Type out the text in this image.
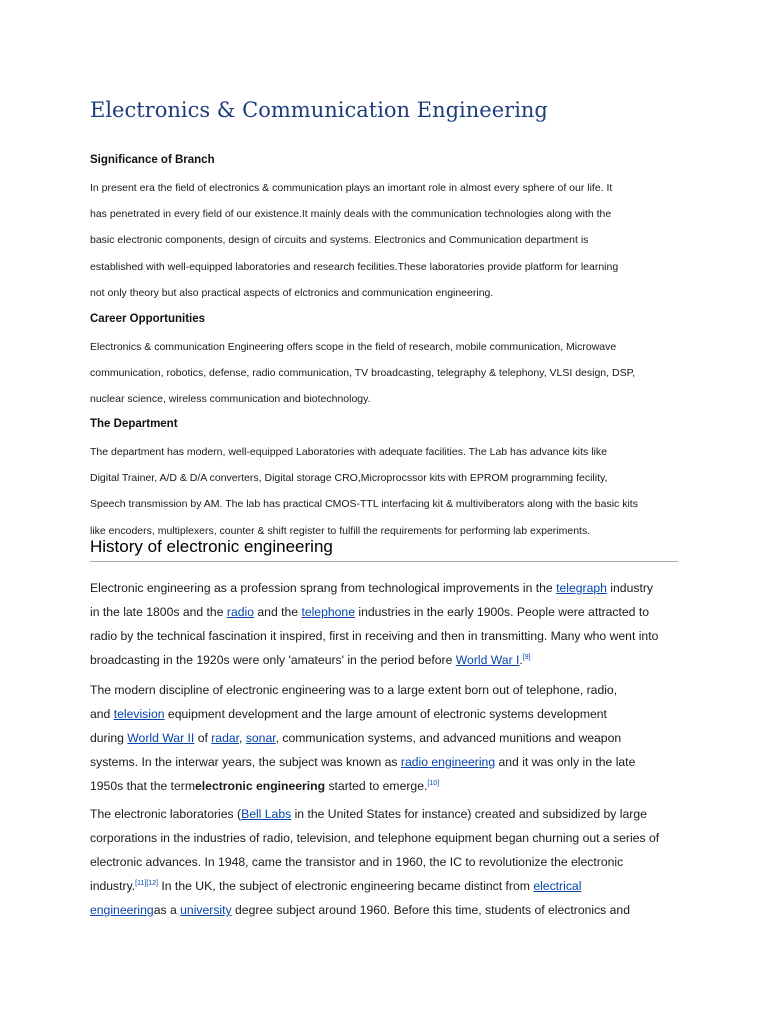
Electronics & Communication Engineering
Significance of Branch
In present era the field of electronics & communication plays an imortant role in almost every sphere of our life. It
has penetrated in every field of our existence.It mainly deals with the communication technologies along with the
basic electronic components, design of circuits and systems. Electronics and Communication department is
established with well-equipped laboratories and research fecilities.These laboratories provide platform for learning
not only theory but also practical aspects of elctronics and communication engineering.
Career Opportunities
Electronics & communication Engineering offers scope in the field of research, mobile communication, Microwave
communication, robotics, defense, radio communication, TV broadcasting, telegraphy & telephony, VLSI design, DSP,
nuclear science, wireless communication and biotechnology.
The Department
The department has modern, well-equipped Laboratories with adequate facilities. The Lab has advance kits like
Digital Trainer, A/D & D/A converters, Digital storage CRO,Microprocssor kits with EPROM programming fecility,
Speech transmission by AM. The lab has practical CMOS-TTL interfacing kit & multiviberators along with the basic kits
like encoders, multiplexers, counter & shift register to fulfill the requirements for performing lab experiments.
History of electronic engineering
Electronic engineering as a profession sprang from technological improvements in the telegraph industry
in the late 1800s and the radio and the telephone industries in the early 1900s. People were attracted to
radio by the technical fascination it inspired, first in receiving and then in transmitting. Many who went into
broadcasting in the 1920s were only 'amateurs' in the period before World War I.[9]
The modern discipline of electronic engineering was to a large extent born out of telephone, radio,
and television equipment development and the large amount of electronic systems development
during World War II of radar, sonar, communication systems, and advanced munitions and weapon
systems. In the interwar years, the subject was known as radio engineering and it was only in the late
1950s that the termelectronic engineering started to emerge.[10]
The electronic laboratories (Bell Labs in the United States for instance) created and subsidized by large
corporations in the industries of radio, television, and telephone equipment began churning out a series of
electronic advances. In 1948, came the transistor and in 1960, the IC to revolutionize the electronic
industry.[11][12] In the UK, the subject of electronic engineering became distinct from electrical
engineeringas a university degree subject around 1960. Before this time, students of electronics and
